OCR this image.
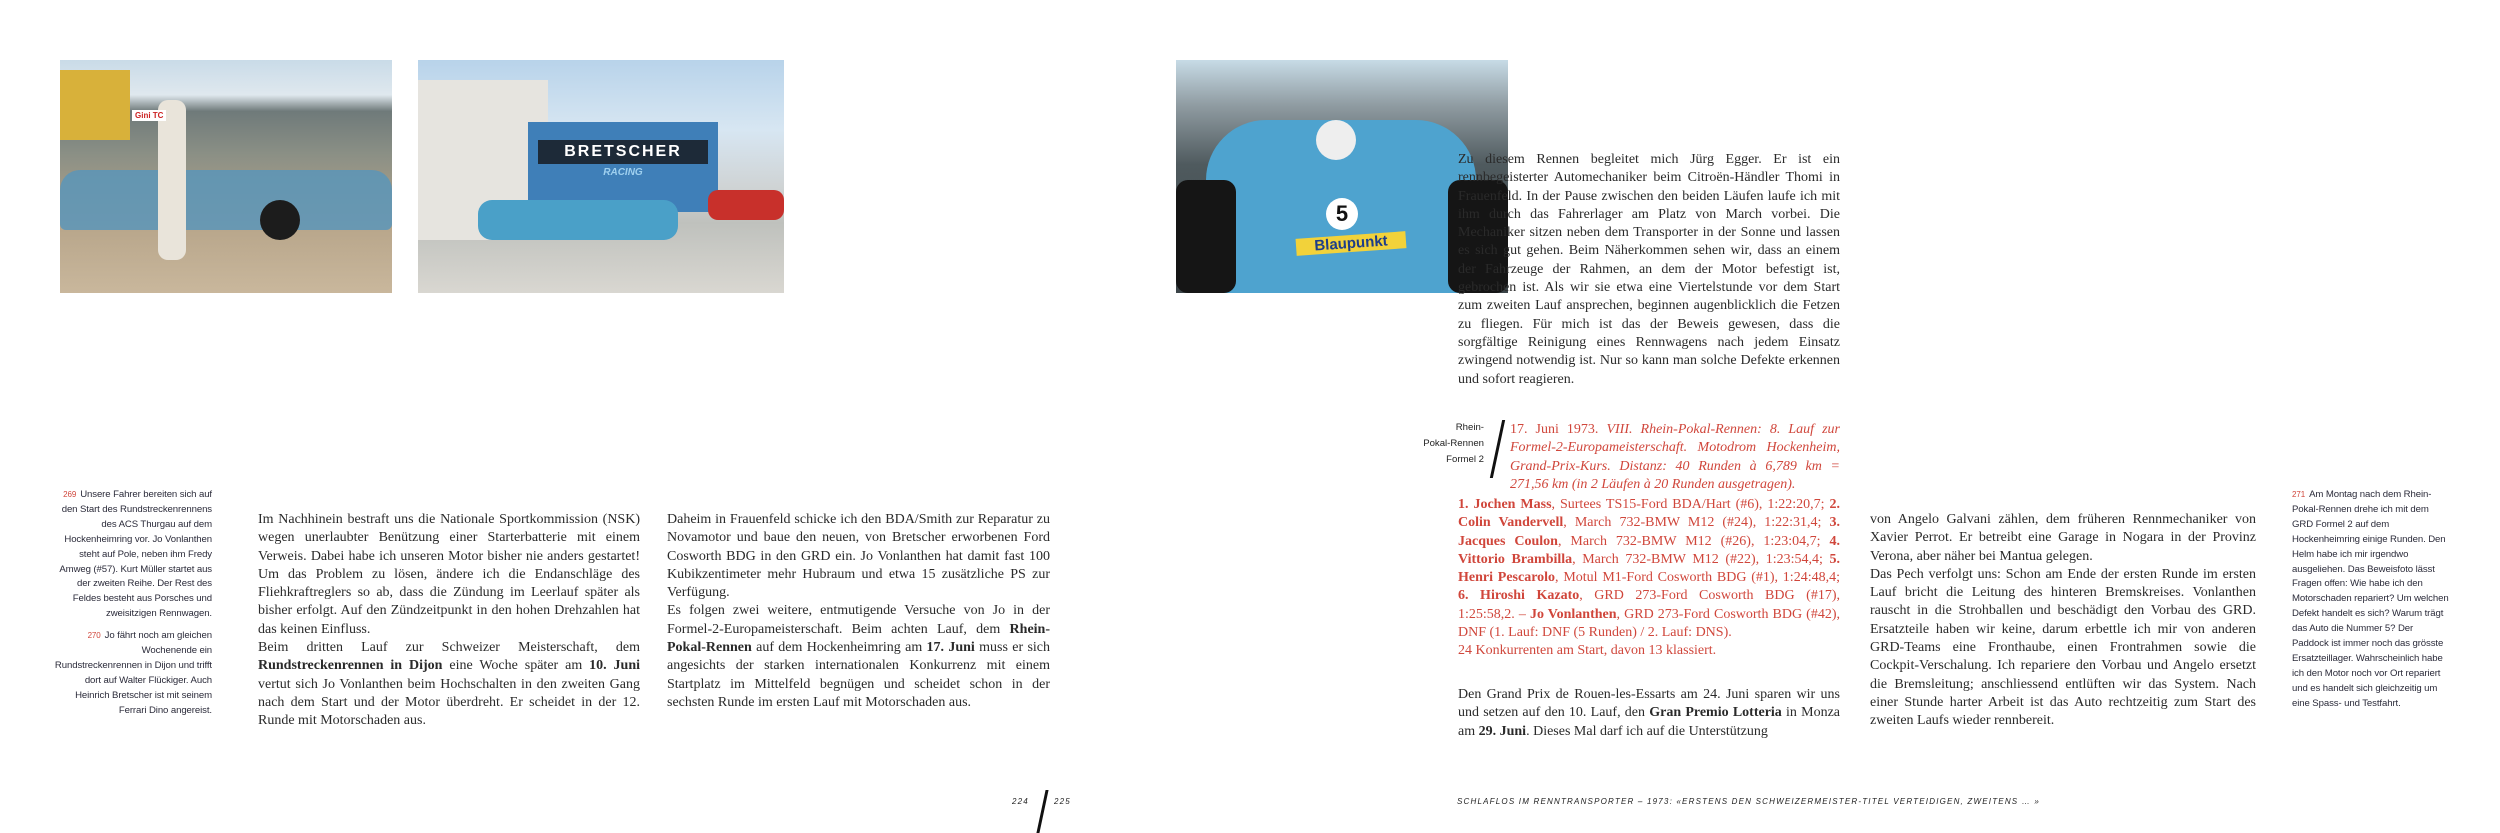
Gini TC
BRETSCHER
RACING
5
Blaupunkt

269 Unsere Fahrer bereiten sich auf den Start des Rundstreckenrennens des ACS Thurgau auf dem Hockenheimring vor. Jo Vonlanthen steht auf Pole, neben ihm Fredy Amweg (#57). Kurt Müller startet aus der zweiten Reihe. Der Rest des Feldes besteht aus Porsches und zweisitzigen Rennwagen.

270 Jo fährt noch am gleichen Wochenende ein Rundstreckenrennen in Dijon und trifft dort auf Walter Flückiger. Auch Heinrich Bretscher ist mit seinem Ferrari Dino angereist.

Im Nachhinein bestraft uns die Nationale Sportkommission (NSK) wegen unerlaubter Benützung einer Starterbatterie mit einem Verweis. Dabei habe ich unseren Motor bisher nie anders gestartet! Um das Problem zu lösen, ändere ich die Endanschläge des Fliehkraftreglers so ab, dass die Zündung im Leerlauf später als bisher erfolgt. Auf den Zündzeitpunkt in den hohen Drehzahlen hat das keinen Einfluss.

Beim dritten Lauf zur Schweizer Meisterschaft, dem Rundstreckenrennen in Dijon eine Woche später am 10. Juni vertut sich Jo Vonlanthen beim Hochschalten in den zweiten Gang nach dem Start und der Motor überdreht. Er scheidet in der 12. Runde mit Motorschaden aus.

Daheim in Frauenfeld schicke ich den BDA/Smith zur Reparatur zu Novamotor und baue den neuen, von Bretscher erworbenen Ford Cosworth BDG in den GRD ein. Jo Vonlanthen hat damit fast 100 Kubikzentimeter mehr Hubraum und etwa 15 zusätzliche PS zur Verfügung.

Es folgen zwei weitere, entmutigende Versuche von Jo in der Formel-2-Europameisterschaft. Beim achten Lauf, dem Rhein-Pokal-Rennen auf dem Hockenheimring am 17. Juni muss er sich angesichts der starken internationalen Konkurrenz mit einem Startplatz im Mittelfeld begnügen und scheidet schon in der sechsten Runde im ersten Lauf mit Motorschaden aus.

Zu diesem Rennen begleitet mich Jürg Egger. Er ist ein rennbegeisterter Automechaniker beim Citroën-Händler Thomi in Frauenfeld. In der Pause zwischen den beiden Läufen laufe ich mit ihm durch das Fahrerlager am Platz von March vorbei. Die Mechaniker sitzen neben dem Transporter in der Sonne und lassen es sich gut gehen. Beim Näherkommen sehen wir, dass an einem der Fahrzeuge der Rahmen, an dem der Motor befestigt ist, gebrochen ist. Als wir sie etwa eine Viertelstunde vor dem Start zum zweiten Lauf ansprechen, beginnen augenblicklich die Fetzen zu fliegen. Für mich ist das der Beweis gewesen, dass die sorgfältige Reinigung eines Rennwagens nach jedem Einsatz zwingend notwendig ist. Nur so kann man solche Defekte erkennen und sofort reagieren.

Rhein-
Pokal-Rennen
Formel 2

17. Juni 1973. VIII. Rhein-Pokal-Rennen: 8. Lauf zur Formel-2-Europameisterschaft. Motodrom Hockenheim, Grand-Prix-Kurs. Distanz: 40 Runden à 6,789 km = 271,56 km (in 2 Läufen à 20 Runden ausgetragen).

1. Jochen Mass, Surtees TS15-Ford BDA/Hart (#6), 1:22:20,7; 2. Colin Vandervell, March 732-BMW M12 (#24), 1:22:31,4; 3. Jacques Coulon, March 732-BMW M12 (#26), 1:23:04,7; 4. Vittorio Brambilla, March 732-BMW M12 (#22), 1:23:54,4; 5. Henri Pescarolo, Motul M1-Ford Cosworth BDG (#1), 1:24:48,4; 6. Hiroshi Kazato, GRD 273-Ford Cosworth BDG (#17), 1:25:58,2. – Jo Vonlanthen, GRD 273-Ford Cosworth BDG (#42), DNF (1. Lauf: DNF (5 Runden) / 2. Lauf: DNS).

24 Konkurrenten am Start, davon 13 klassiert.

Den Grand Prix de Rouen-les-Essarts am 24. Juni sparen wir uns und setzen auf den 10. Lauf, den Gran Premio Lotteria in Monza am 29. Juni. Dieses Mal darf ich auf die Unterstützung

von Angelo Galvani zählen, dem früheren Rennmechaniker von Xavier Perrot. Er betreibt eine Garage in Nogara in der Provinz Verona, aber näher bei Mantua gelegen.

Das Pech verfolgt uns: Schon am Ende der ersten Runde im ersten Lauf bricht die Leitung des hinteren Bremskreises. Vonlanthen rauscht in die Strohballen und beschädigt den Vorbau des GRD. Ersatzteile haben wir keine, darum erbettle ich mir von anderen GRD-Teams eine Fronthaube, einen Frontrahmen sowie die Cockpit-Verschalung. Ich repariere den Vorbau und Angelo ersetzt die Bremsleitung; anschliessend entlüften wir das System. Nach einer Stunde harter Arbeit ist das Auto rechtzeitig zum Start des zweiten Laufs wieder rennbereit.

271 Am Montag nach dem Rhein-Pokal-Rennen drehe ich mit dem GRD Formel 2 auf dem Hockenheimring einige Runden. Den Helm habe ich mir irgendwo ausgeliehen. Das Beweisfoto lässt Fragen offen: Wie habe ich den Motorschaden repariert? Um welchen Defekt handelt es sich? Warum trägt das Auto die Nummer 5? Der Paddock ist immer noch das grösste Ersatzteillager. Wahrscheinlich habe ich den Motor noch vor Ort repariert und es handelt sich gleichzeitig um eine Spass- und Testfahrt.

224	225	SCHLAFLOS IM RENNTRANSPORTER – 1973: «ERSTENS DEN SCHWEIZERMEISTER-TITEL VERTEIDIGEN, ZWEITENS … »
